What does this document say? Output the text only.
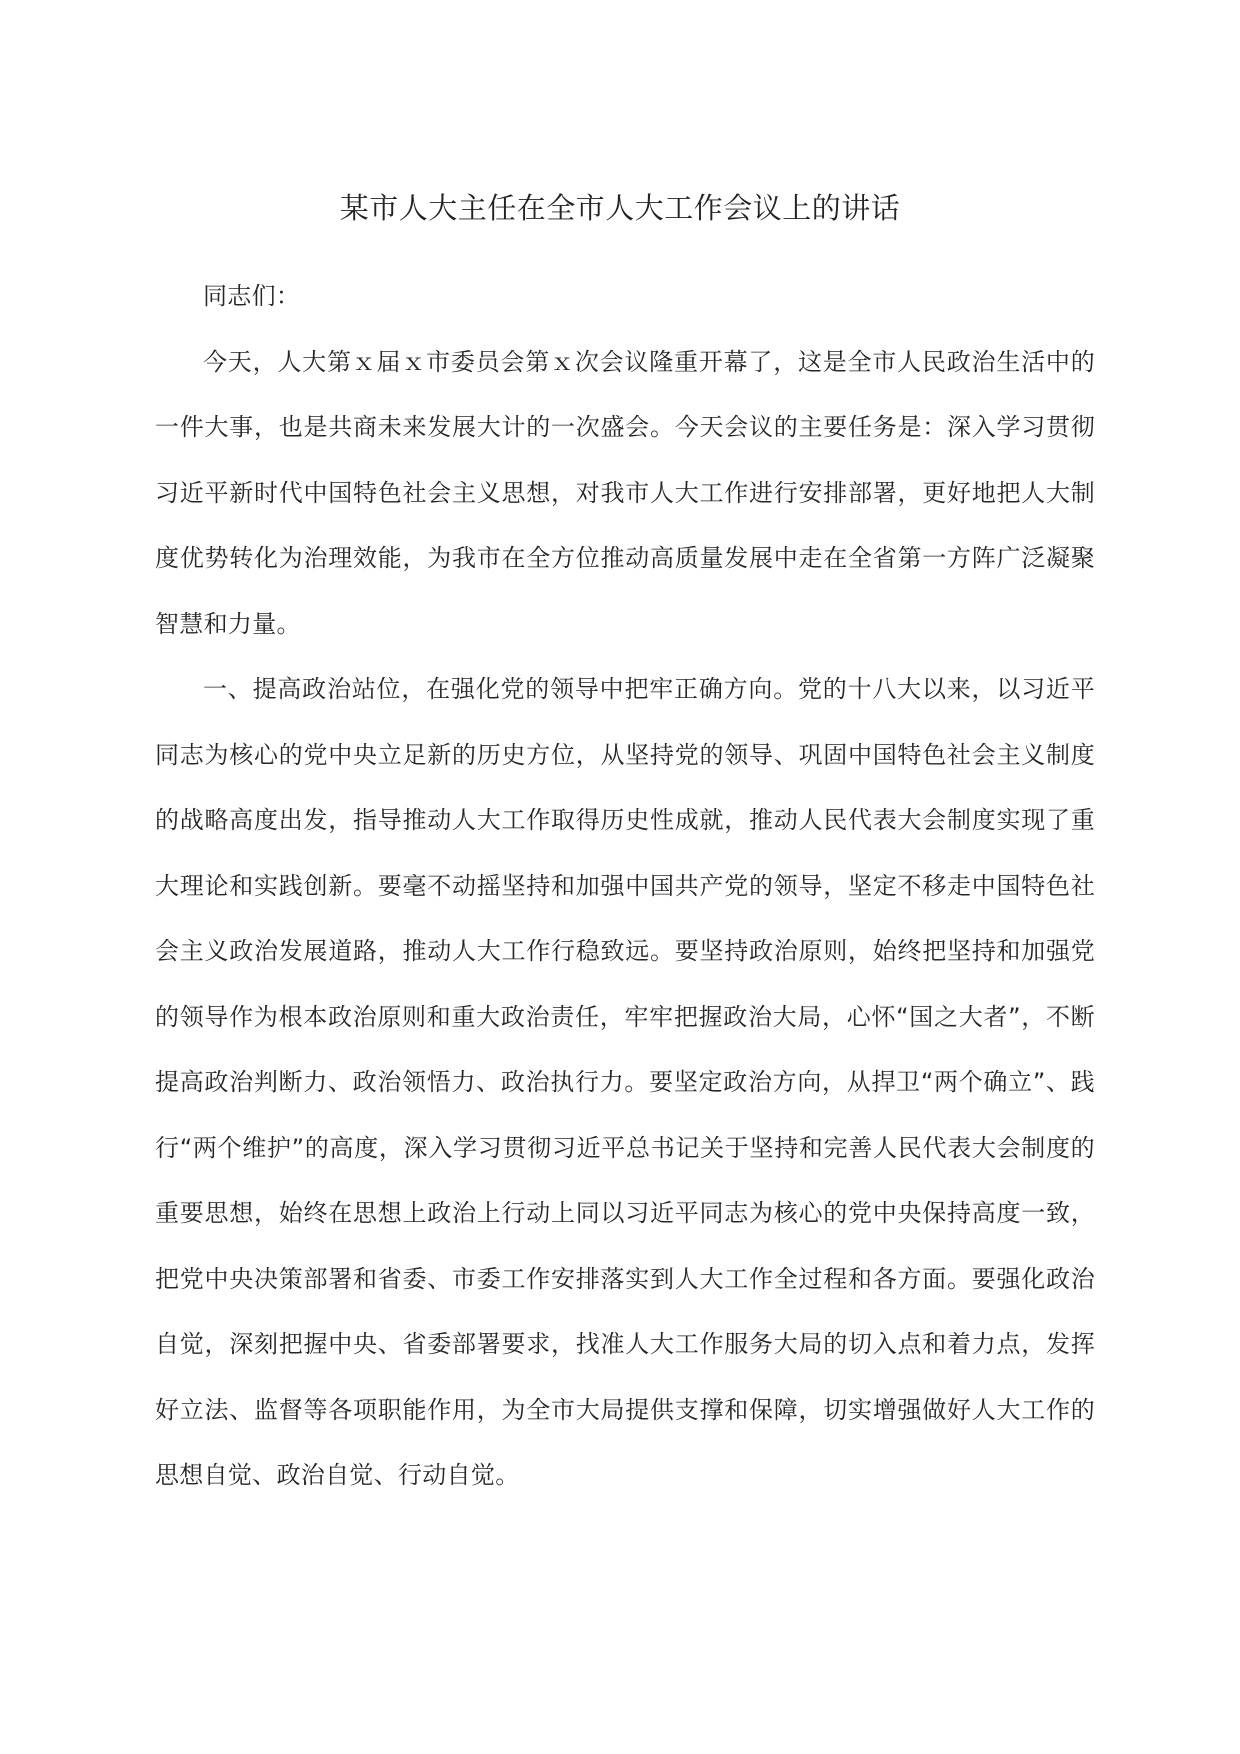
某市人大主任在全市人大工作会议上的讲话

同志们：

今天，人大第ｘ届ｘ市委员会第ｘ次会议隆重开幕了，这是全市人民政治生活中的一件大事，也是共商未来发展大计的一次盛会。今天会议的主要任务是：深入学习贯彻习近平新时代中国特色社会主义思想，对我市人大工作进行安排部署，更好地把人大制度优势转化为治理效能，为我市在全方位推动高质量发展中走在全省第一方阵广泛凝聚智慧和力量。

一、提高政治站位，在强化党的领导中把牢正确方向。党的十八大以来，以习近平同志为核心的党中央立足新的历史方位，从坚持党的领导、巩固中国特色社会主义制度的战略高度出发，指导推动人大工作取得历史性成就，推动人民代表大会制度实现了重大理论和实践创新。要毫不动摇坚持和加强中国共产党的领导，坚定不移走中国特色社会主义政治发展道路，推动人大工作行稳致远。要坚持政治原则，始终把坚持和加强党的领导作为根本政治原则和重大政治责任，牢牢把握政治大局，心怀“国之大者”，不断提高政治判断力、政治领悟力、政治执行力。要坚定政治方向，从捍卫“两个确立”、践行“两个维护”的高度，深入学习贯彻习近平总书记关于坚持和完善人民代表大会制度的重要思想，始终在思想上政治上行动上同以习近平同志为核心的党中央保持高度一致，把党中央决策部署和省委、市委工作安排落实到人大工作全过程和各方面。要强化政治自觉，深刻把握中央、省委部署要求，找准人大工作服务大局的切入点和着力点，发挥好立法、监督等各项职能作用，为全市大局提供支撑和保障，切实增强做好人大工作的思想自觉、政治自觉、行动自觉。
